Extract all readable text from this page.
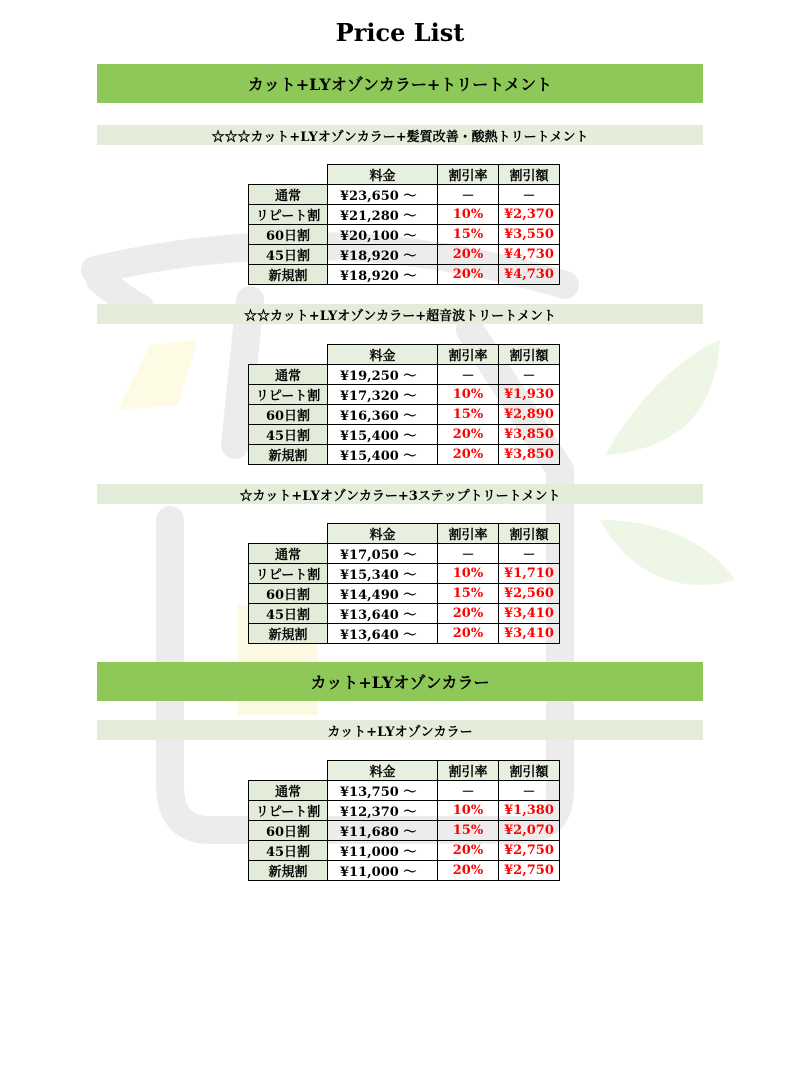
Price List
カット+LYオゾンカラー+トリートメント
☆☆☆カット+LYオゾンカラー+髪質改善・酸熱トリートメント
	料金	割引率	割引額
通常	¥23,650 ～	－	－
リピート割	¥21,280 ～	10%	¥2,370
60日割	¥20,100 ～	15%	¥3,550
45日割	¥18,920 ～	20%	¥4,730
新規割	¥18,920 ～	20%	¥4,730
☆☆カット+LYオゾンカラー+超音波トリートメント
	料金	割引率	割引額
通常	¥19,250 ～	－	－
リピート割	¥17,320 ～	10%	¥1,930
60日割	¥16,360 ～	15%	¥2,890
45日割	¥15,400 ～	20%	¥3,850
新規割	¥15,400 ～	20%	¥3,850
☆カット+LYオゾンカラー+3ステップトリートメント
	料金	割引率	割引額
通常	¥17,050 ～	－	－
リピート割	¥15,340 ～	10%	¥1,710
60日割	¥14,490 ～	15%	¥2,560
45日割	¥13,640 ～	20%	¥3,410
新規割	¥13,640 ～	20%	¥3,410
カット+LYオゾンカラー
カット+LYオゾンカラー
	料金	割引率	割引額
通常	¥13,750 ～	－	－
リピート割	¥12,370 ～	10%	¥1,380
60日割	¥11,680 ～	15%	¥2,070
45日割	¥11,000 ～	20%	¥2,750
新規割	¥11,000 ～	20%	¥2,750
